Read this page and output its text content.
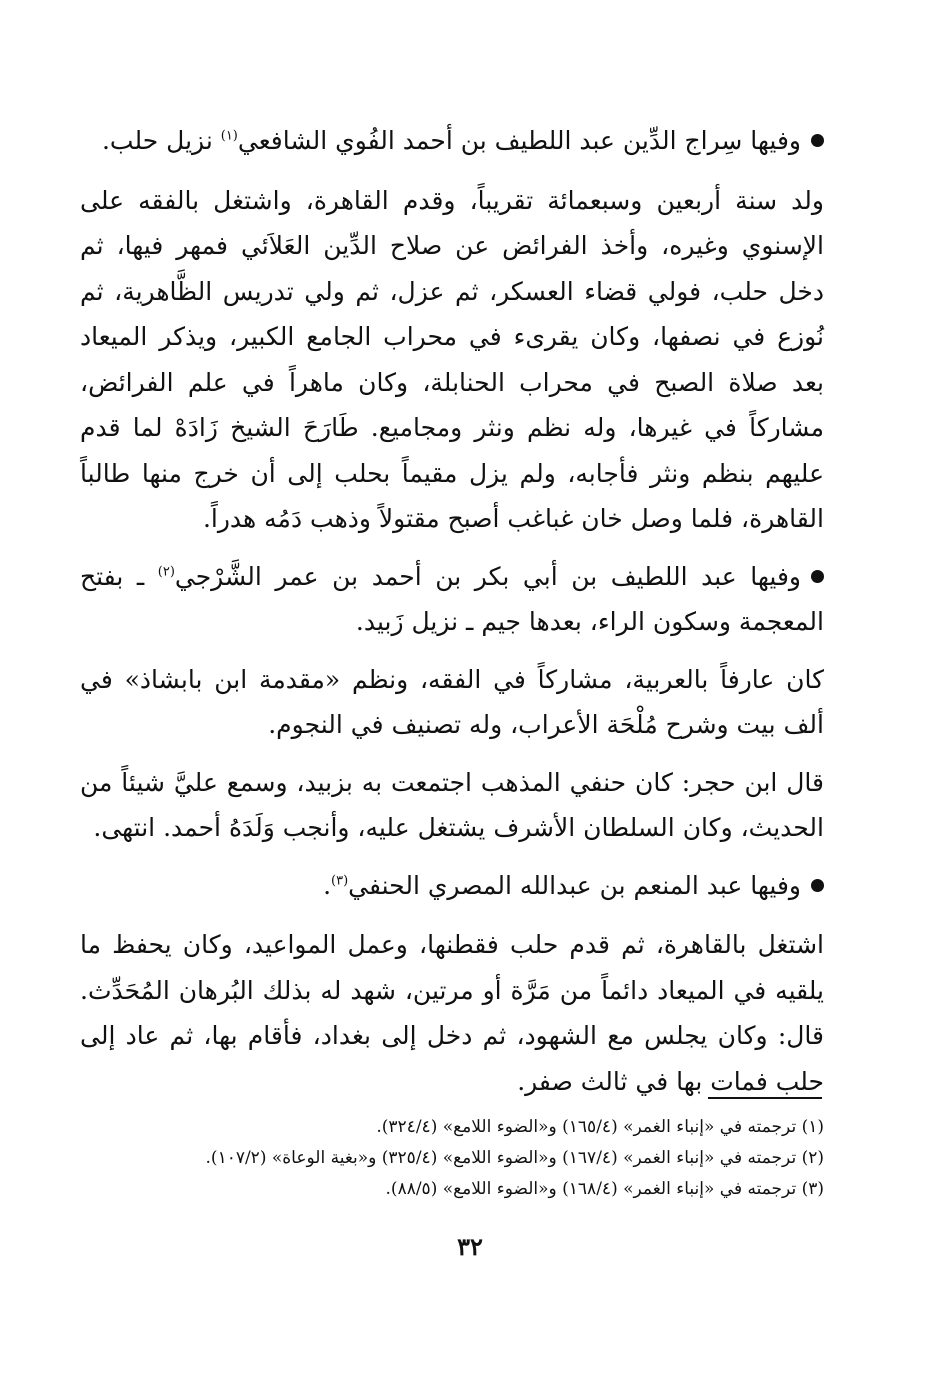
وفيها سِراج الدِّين عبد اللطيف بن أحمد الفُوي الشافعي$^{(١)}$ نزيل حلب.

ولد سنة أربعين وسبعمائة تقريباً، وقدم القاهرة، واشتغل بالفقه على الإسنوي وغيره، وأخذ الفرائض عن صلاح الدِّين العَلاَئي فمهر فيها، ثم دخل حلب، فولي قضاء العسكر، ثم عزل، ثم ولي تدريس الظَّاهرية، ثم نُوزع في نصفها، وكان يقرىء في محراب الجامع الكبير، ويذكر الميعاد بعد صلاة الصبح في محراب الحنابلة، وكان ماهراً في علم الفرائض، مشاركاً في غيرها، وله نظم ونثر ومجاميع. طَارَحَ الشيخ زَادَهْ لما قدم عليهم بنظم ونثر فأجابه، ولم يزل مقيماً بحلب إلى أن خرج منها طالباً القاهرة، فلما وصل خان غباغب أصبح مقتولاً وذهب دَمُه هدراً.

وفيها عبد اللطيف بن أبي بكر بن أحمد بن عمر الشَّرْجي$^{(٢)}$ ـ بفتح المعجمة وسكون الراء، بعدها جيم ـ نزيل زَبيد.

كان عارفاً بالعربية، مشاركاً في الفقه، ونظم «مقدمة ابن بابشاذ» في ألف بيت وشرح مُلْحَة الأعراب، وله تصنيف في النجوم.

قال ابن حجر: كان حنفي المذهب اجتمعت به بزبيد، وسمع عليَّ شيئاً من الحديث، وكان السلطان الأشرف يشتغل عليه، وأنجب وَلَدَهُ أحمد. انتهى.

وفيها عبد المنعم بن عبدالله المصري الحنفي$^{(٣)}$.

اشتغل بالقاهرة، ثم قدم حلب فقطنها، وعمل المواعيد، وكان يحفظ ما يلقيه في الميعاد دائماً من مَرَّة أو مرتين، شهد له بذلك البُرهان المُحَدِّث. قال: وكان يجلس مع الشهود، ثم دخل إلى بغداد، فأقام بها، ثم عاد إلى حلب فمات بها في ثالث صفر.

(١) ترجمته في «إنباء الغمر» (١٦٥/٤) و«الضوء اللامع» (٣٢٤/٤).

(٢) ترجمته في «إنباء الغمر» (١٦٧/٤) و«الضوء اللامع» (٣٢٥/٤) و«بغية الوعاة» (١٠٧/٢).

(٣) ترجمته في «إنباء الغمر» (١٦٨/٤) و«الضوء اللامع» (٨٨/٥).

٣٢
